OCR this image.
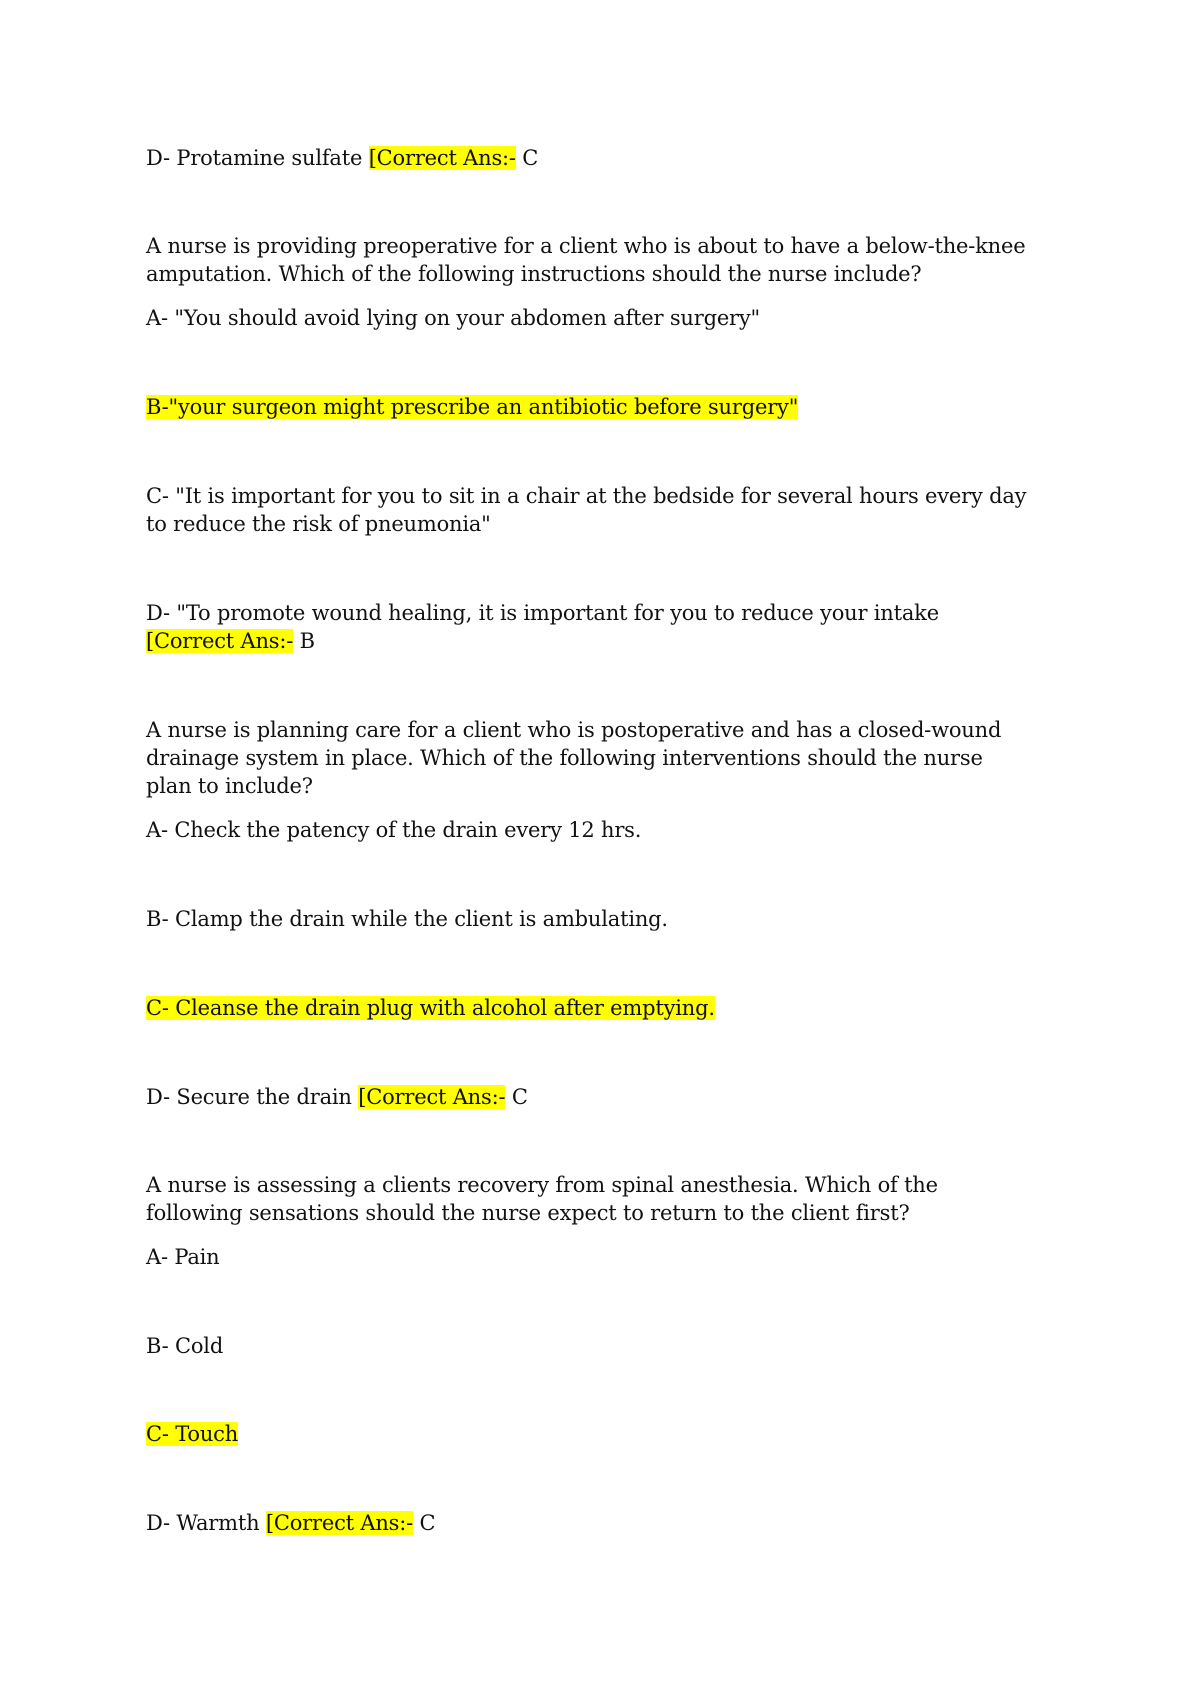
D- Protamine sulfate [Correct Ans:- C
A nurse is providing preoperative for a client who is about to have a below-the-knee
amputation. Which of the following instructions should the nurse include?
A- "You should avoid lying on your abdomen after surgery"
B-"your surgeon might prescribe an antibiotic before surgery"
C- "It is important for you to sit in a chair at the bedside for several hours every day
to reduce the risk of pneumonia"
D- "To promote wound healing, it is important for you to reduce your intake
[Correct Ans:- B
A nurse is planning care for a client who is postoperative and has a closed-wound
drainage system in place. Which of the following interventions should the nurse
plan to include?
A- Check the patency of the drain every 12 hrs.
B- Clamp the drain while the client is ambulating.
C- Cleanse the drain plug with alcohol after emptying.
D- Secure the drain [Correct Ans:- C
A nurse is assessing a clients recovery from spinal anesthesia. Which of the
following sensations should the nurse expect to return to the client first?
A- Pain
B- Cold
C- Touch
D- Warmth [Correct Ans:- C
